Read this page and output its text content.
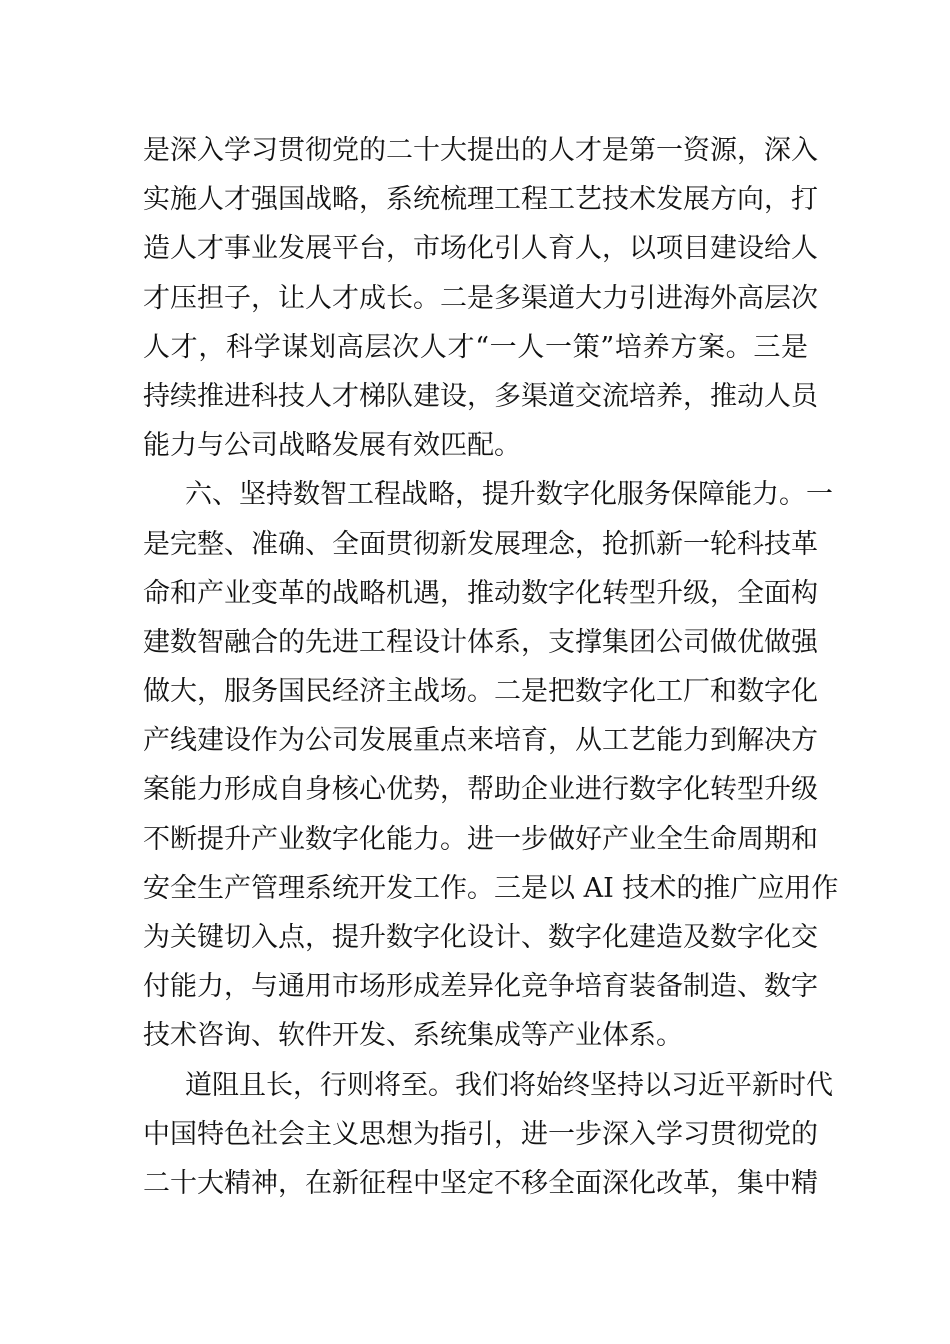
是深入学习贯彻党的二十大提出的人才是第一资源，深入
实施人才强国战略，系统梳理工程工艺技术发展方向，打
造人才事业发展平台，市场化引人育人，以项目建设给人
才压担子，让人才成长。二是多渠道大力引进海外高层次
人才，科学谋划高层次人才“一人一策”培养方案。三是
持续推进科技人才梯队建设，多渠道交流培养，推动人员
能力与公司战略发展有效匹配。
六、坚持数智工程战略，提升数字化服务保障能力。一
是完整、准确、全面贯彻新发展理念，抢抓新一轮科技革
命和产业变革的战略机遇，推动数字化转型升级，全面构
建数智融合的先进工程设计体系，支撑集团公司做优做强
做大，服务国民经济主战场。二是把数字化工厂和数字化
产线建设作为公司发展重点来培育，从工艺能力到解决方
案能力形成自身核心优势，帮助企业进行数字化转型升级
不断提升产业数字化能力。进一步做好产业全生命周期和
安全生产管理系统开发工作。三是以 AI 技术的推广应用作
为关键切入点，提升数字化设计、数字化建造及数字化交
付能力，与通用市场形成差异化竞争培育装备制造、数字
技术咨询、软件开发、系统集成等产业体系。
道阻且长，行则将至。我们将始终坚持以习近平新时代
中国特色社会主义思想为指引，进一步深入学习贯彻党的
二十大精神，在新征程中坚定不移全面深化改革，集中精
